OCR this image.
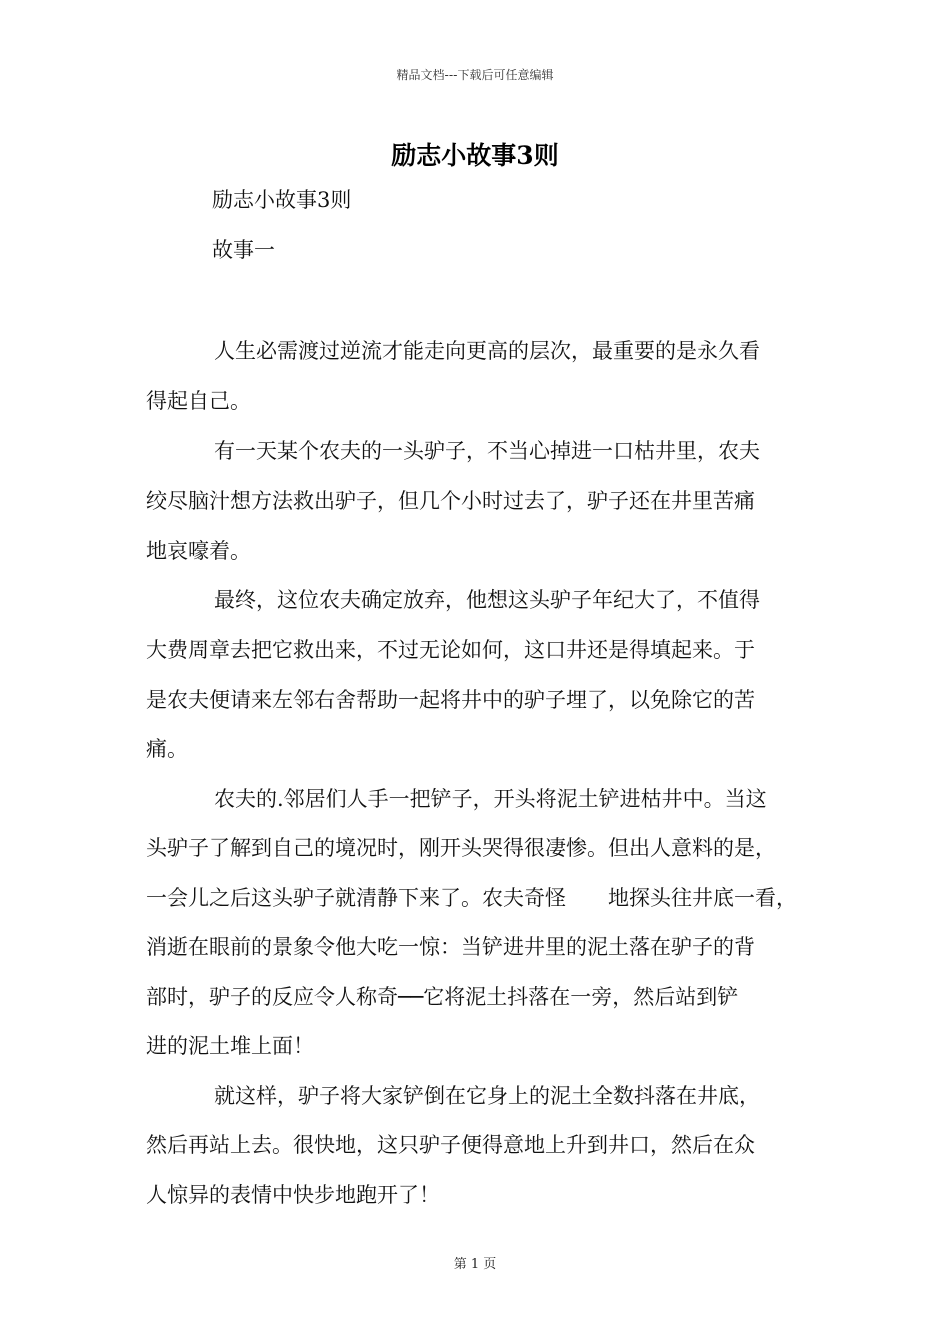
精品文档---下载后可任意编辑
励志小故事3则
励志小故事3则
故事一
人生必需渡过逆流才能走向更高的层次，最重要的是永久看
得起自己。
有一天某个农夫的一头驴子，不当心掉进一口枯井里，农夫
绞尽脑汁想方法救出驴子，但几个小时过去了，驴子还在井里苦痛
地哀嚎着。
最终，这位农夫确定放弃，他想这头驴子年纪大了，不值得
大费周章去把它救出来，不过无论如何，这口井还是得填起来。于
是农夫便请来左邻右舍帮助一起将井中的驴子埋了，以免除它的苦
痛。
农夫的.邻居们人手一把铲子，开头将泥土铲进枯井中。当这
头驴子了解到自己的境况时，刚开头哭得很凄惨。但出人意料的是，
一会儿之后这头驴子就清静下来了。农夫奇怪　　地探头往井底一看，
消逝在眼前的景象令他大吃一惊：当铲进井里的泥土落在驴子的背
部时，驴子的反应令人称奇──它将泥土抖落在一旁，然后站到铲
进的泥土堆上面！
就这样，驴子将大家铲倒在它身上的泥土全数抖落在井底，
然后再站上去。很快地，这只驴子便得意地上升到井口，然后在众
人惊异的表情中快步地跑开了！
第 1 页
